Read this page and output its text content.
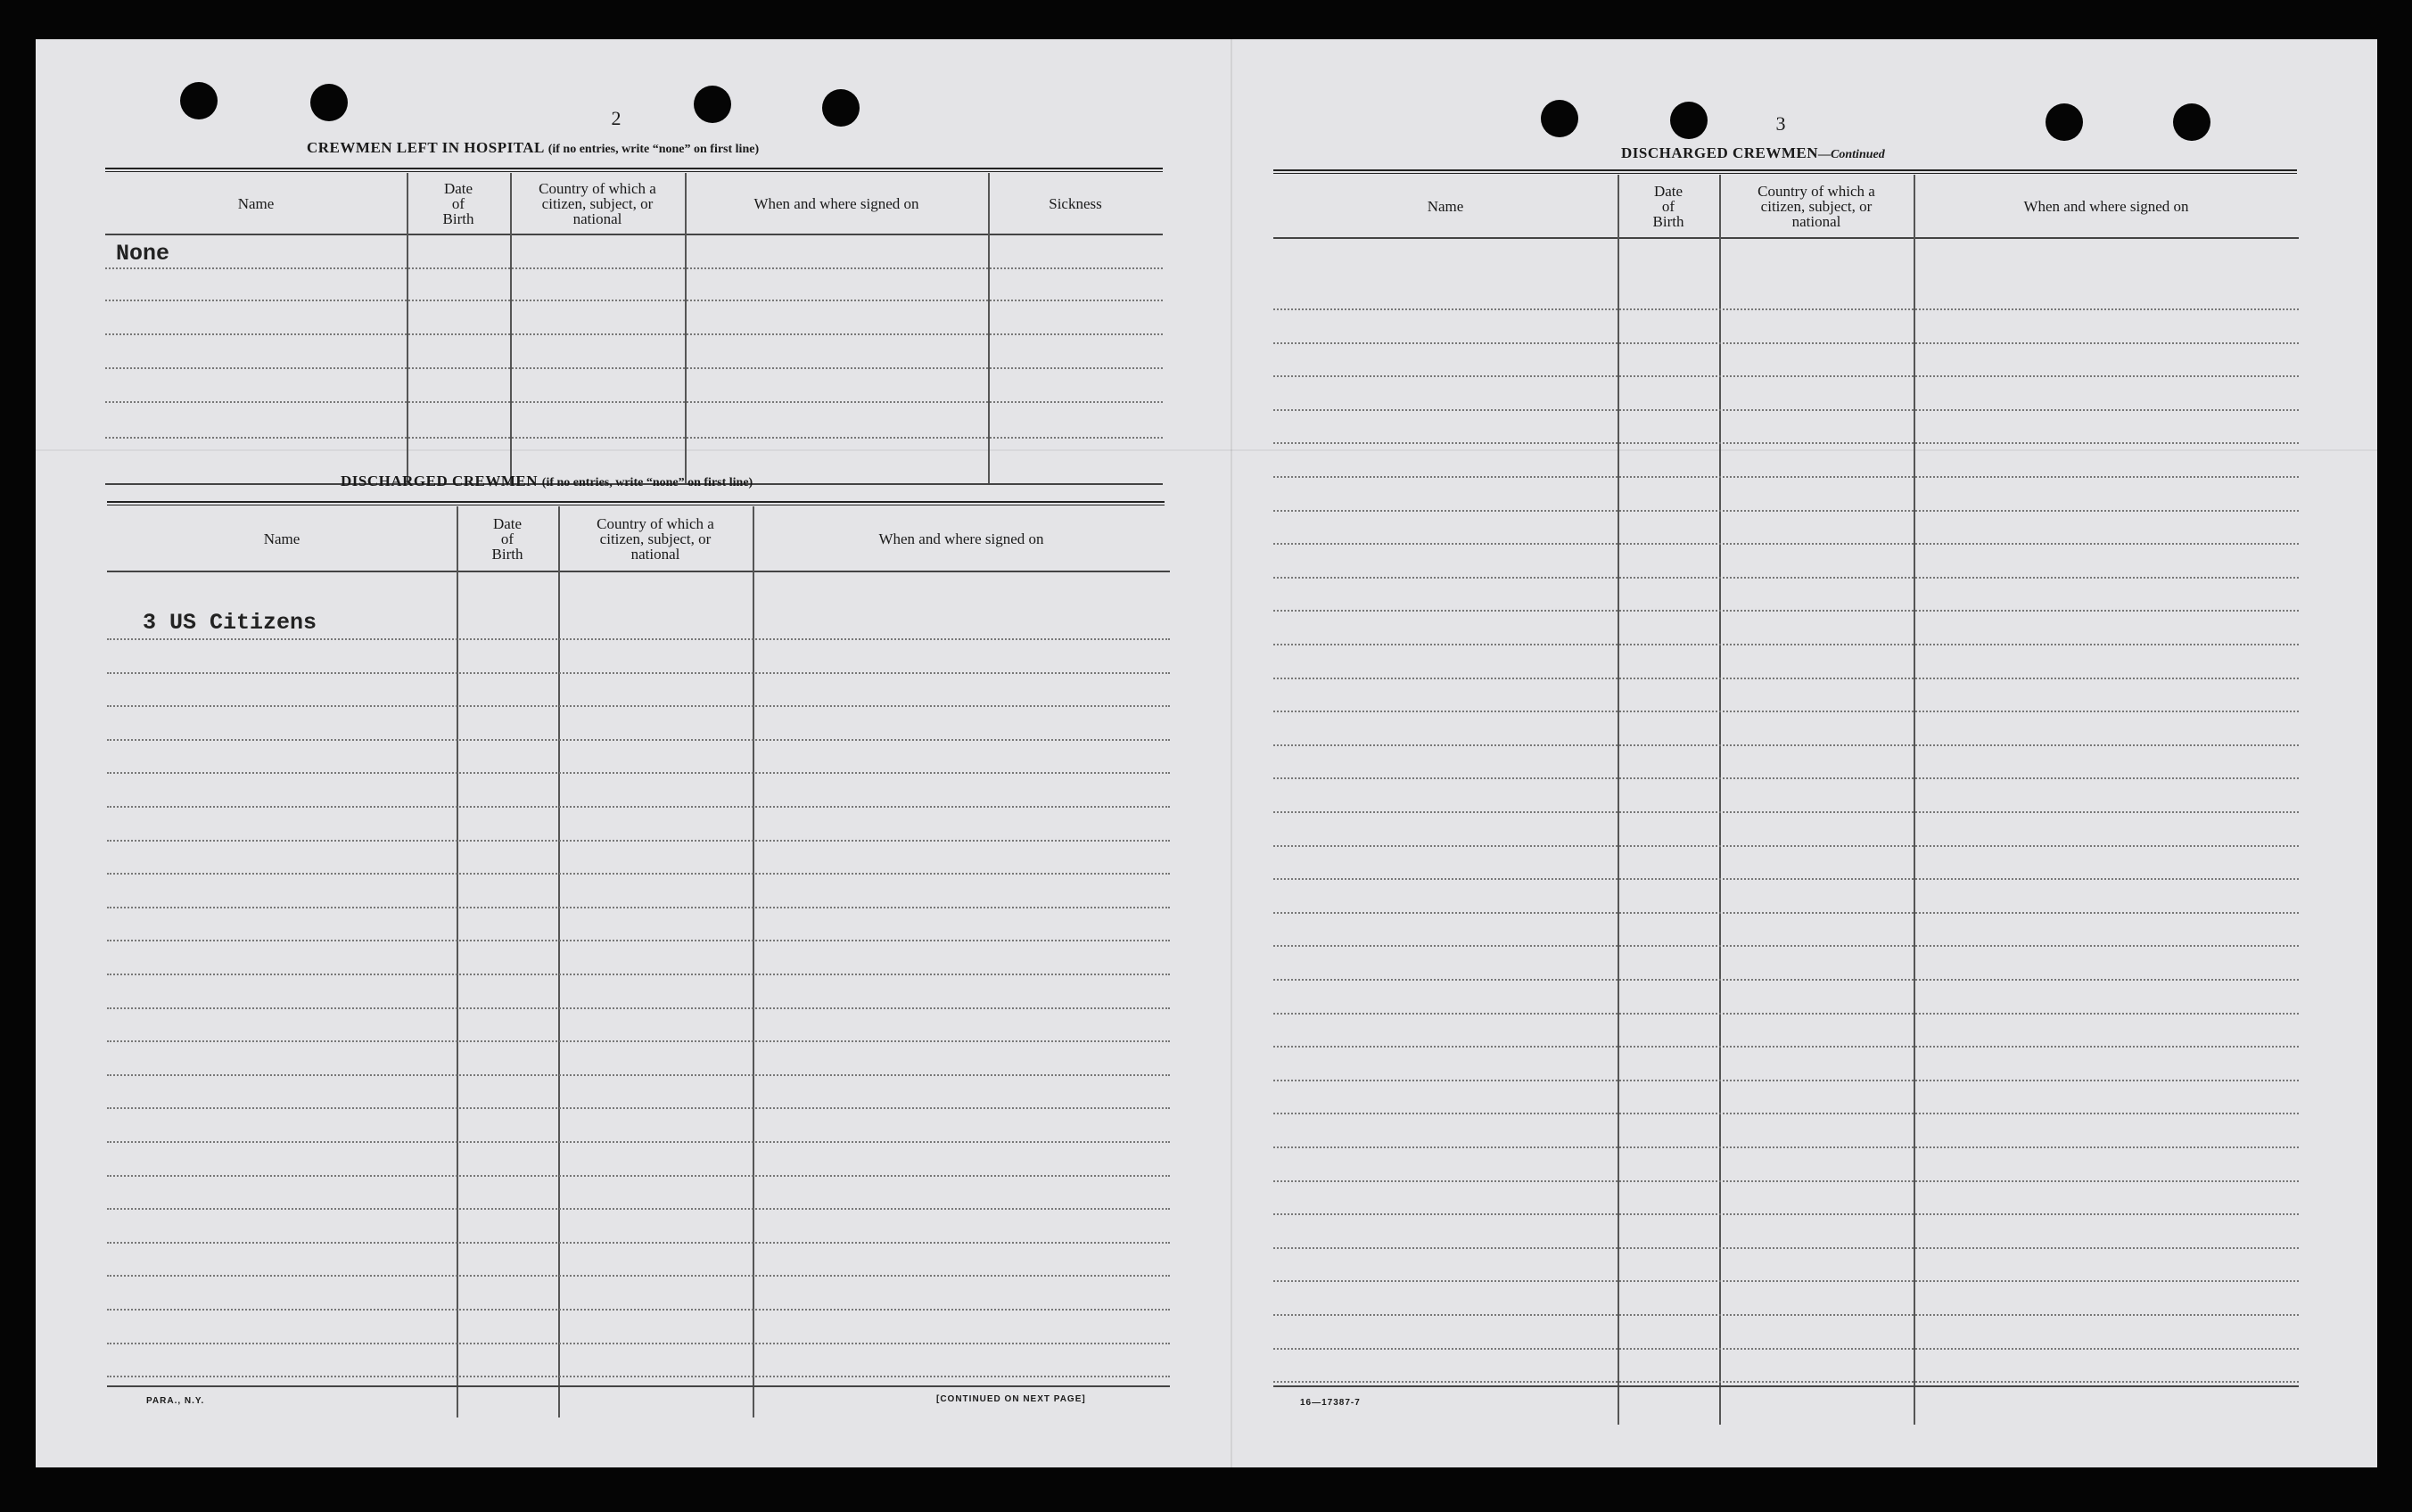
2
CREWMEN LEFT IN HOSPITAL (if no entries, write “none” on first line)
Name
Date
of
Birth
Country of which a
citizen, subject, or
national
When and where signed on	Sickness
None
DISCHARGED CREWMEN (if no entries, write “none” on first line)
Name
Date
of
Birth
Country of which a
citizen, subject, or
national
When and where signed on
3 US Citizens
PARA., N.Y.	[CONTINUED ON NEXT PAGE]
3
DISCHARGED CREWMEN—Continued
Name
Date
of
Birth
Country of which a
citizen, subject, or
national
When and where signed on
16—17387-7
